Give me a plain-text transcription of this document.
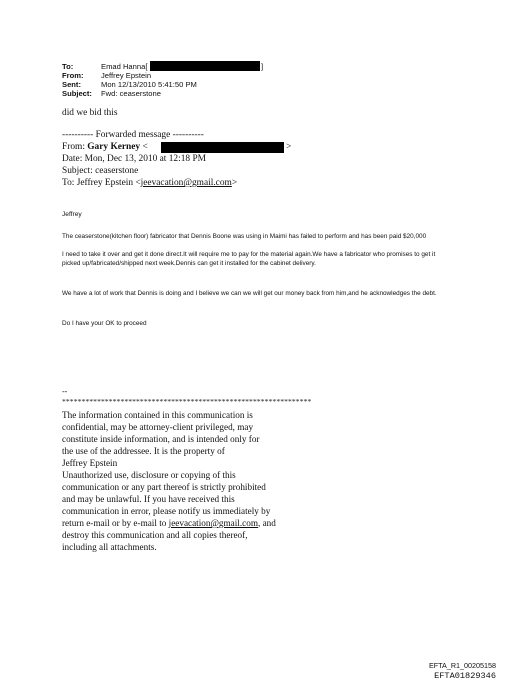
To:	Emad Hanna[	]
From: Jeffrey Epstein
Sent:	Mon 12/13/2010 5:41:50 PM
Subject: Fwd: ceaserstone
did we bid this
---------- Forwarded message ----------
From: Gary Kerney <	>
Date: Mon, Dec 13, 2010 at 12:18 PM
Subject: ceaserstone
To: Jeffrey Epstein <jeevacation@gmail.com>
Jeffrey
The ceaserstone(kitchen floor) fabricator that Dennis Boone was using in Maimi has failed to perform and has been paid $20,000
I need to take it over and get it done direct.It will require me to pay for the material again.We have a fabricator who promises to get it picked up/fabricated/shipped next week.Dennis can get it installed for the cabinet delivery.
We have a lot of work that Dennis is doing and I believe we can we will get our money back from him,and he acknowledges the debt.
Do I have your OK to proceed
--
****************************************************************
The information contained in this communication is
confidential, may be attorney-client privileged, may
constitute inside information, and is intended only for
the use of the addressee. It is the property of
Jeffrey Epstein
Unauthorized use, disclosure or copying of this
communication or any part thereof is strictly prohibited
and may be unlawful. If you have received this
communication in error, please notify us immediately by
return e-mail or by e-mail to jeevacation@gmail.com, and
destroy this communication and all copies thereof,
including all attachments.
EFTA_R1_00205158
EFTA01829346
